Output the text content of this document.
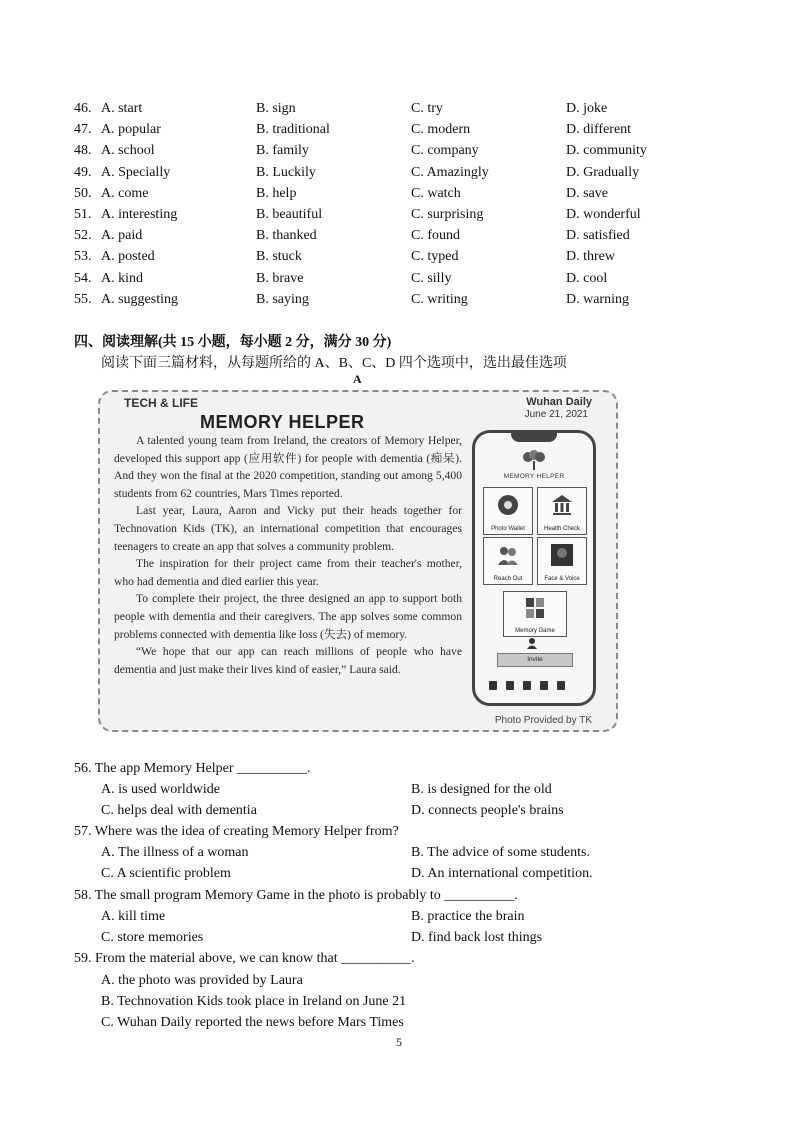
46. A. start	B. sign	C. try	D. joke
47. A. popular	B. traditional	C. modern	D. different
48. A. school	B. family	C. company	D. community
49. A. Specially	B. Luckily	C. Amazingly	D. Gradually
50. A. come	B. help	C. watch	D. save
51. A. interesting	B. beautiful	C. surprising	D. wonderful
52. A. paid	B. thanked	C. found	D. satisfied
53. A. posted	B. stuck	C. typed	D. threw
54. A. kind	B. brave	C. silly	D. cool
55. A. suggesting	B. saying	C. writing	D. warning
四、阅读理解(共 15 小题，每小题 2 分，满分 30 分)
阅读下面三篇材料，从每题所给的 A、B、C、D 四个选项中，选出最佳选项
A
TECH & LIFE
MEMORY HELPER
Wuhan Daily
June 21, 2021

A talented young team from Ireland, the creators of Memory Helper, developed this support app (应用软件) for people with dementia (痴呆). And they won the final at the 2020 competition, standing out among 5,400 students from 62 countries, Mars Times reported.

Last year, Laura, Aaron and Vicky put their heads together for Technovation Kids (TK), an international competition that encourages teenagers to create an app that solves a community problem.

The inspiration for their project came from their teacher's mother, who had dementia and died earlier this year.

To complete their project, the three designed an app to support both people with dementia and their caregivers. The app solves some common problems connected with dementia like loss (失去) of memory.

“We hope that our app can reach millions of people who have dementia and just make their lives kind of easier,” Laura said.

MEMORY HELPER
Photo Wallet	Health Check
Reach Out	Face & Voice
Memory Game
Invite
Photo Provided by TK
56. The app Memory Helper __________.
A. is used worldwide	B. is designed for the old
C. helps deal with dementia	D. connects people's brains
57. Where was the idea of creating Memory Helper from?
A. The illness of a woman	B. The advice of some students.
C. A scientific problem	D. An international competition.
58. The small program Memory Game in the photo is probably to __________.
A. kill time	B. practice the brain
C. store memories	D. find back lost things
59. From the material above, we can know that __________.
A. the photo was provided by Laura
B. Technovation Kids took place in Ireland on June 21
C. Wuhan Daily reported the news before Mars Times
5
